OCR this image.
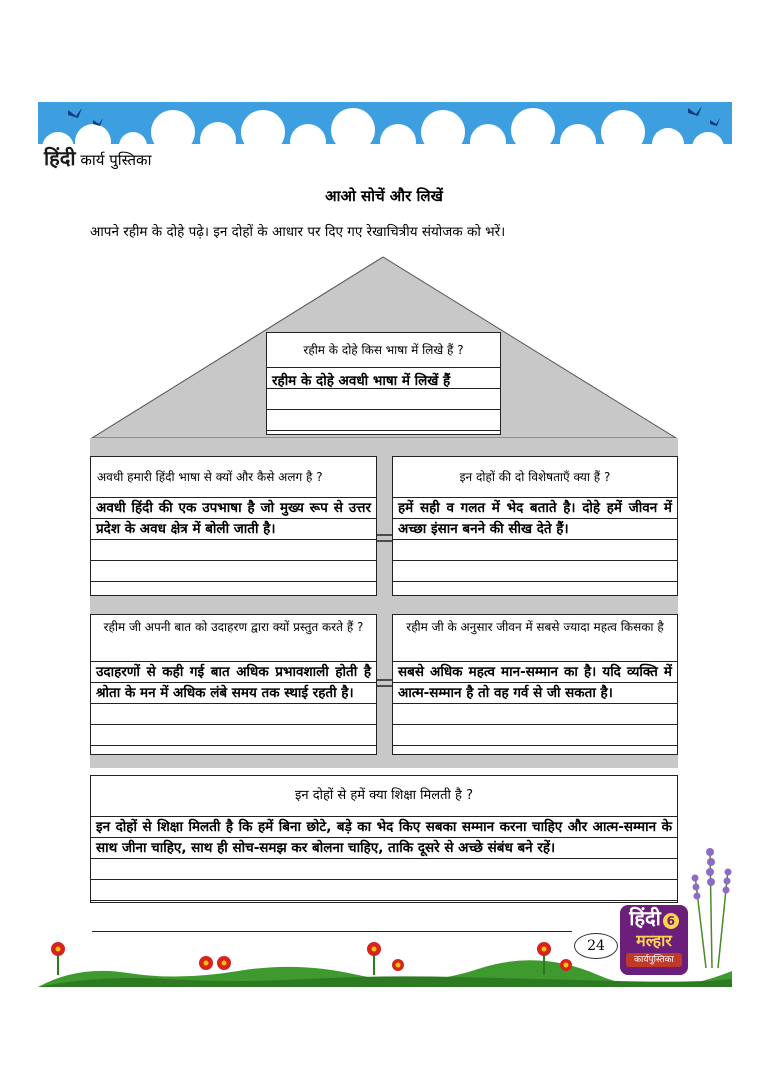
हिंदी कार्य पुस्तिका
आओ सोचें और लिखें
आपने रहीम के दोहे पढ़े। इन दोहों के आधार पर दिए गए रेखाचित्रीय संयोजक को भरें।
रहीम के दोहे किस भाषा में लिखे हैं ?
रहीम के दोहे अवधी भाषा में लिखें हैं
अवधी हमारी हिंदी भाषा से क्यों और कैसे अलग है ?
अवधी हिंदी की एक उपभाषा है जो मुख्य रूप से उत्तर प्रदेश के अवध क्षेत्र में बोली जाती है।
इन दोहों की दो विशेषताएँ क्या हैं ?
हमें सही व गलत में भेद बताते है। दोहे हमें जीवन में अच्छा इंसान बनने की सीख देते हैं।
रहीम जी अपनी बात को उदाहरण द्वारा क्यों प्रस्तुत करते हैं ?
उदाहरणों से कही गई बात अधिक प्रभावशाली होती है श्रोता के मन में अधिक लंबे समय तक स्थाई रहती है।
रहीम जी के अनुसार जीवन में सबसे ज्यादा महत्व किसका है
सबसे अधिक महत्व मान-सम्मान का है। यदि व्यक्ति में आत्म-सम्मान है तो वह गर्व से जी सकता है।
इन दोहों से हमें क्या शिक्षा मिलती है ?
इन दोहों से शिक्षा मिलती है कि हमें बिना छोटे, बड़े का भेद किए सबका सम्मान करना चाहिए और आत्म-सम्मान के साथ जीना चाहिए, साथ ही सोच-समझ कर बोलना चाहिए, ताकि दूसरे से अच्छे संबंध बने रहें।
24
हिंदी 6
मल्हार
कार्यपुस्तिका
